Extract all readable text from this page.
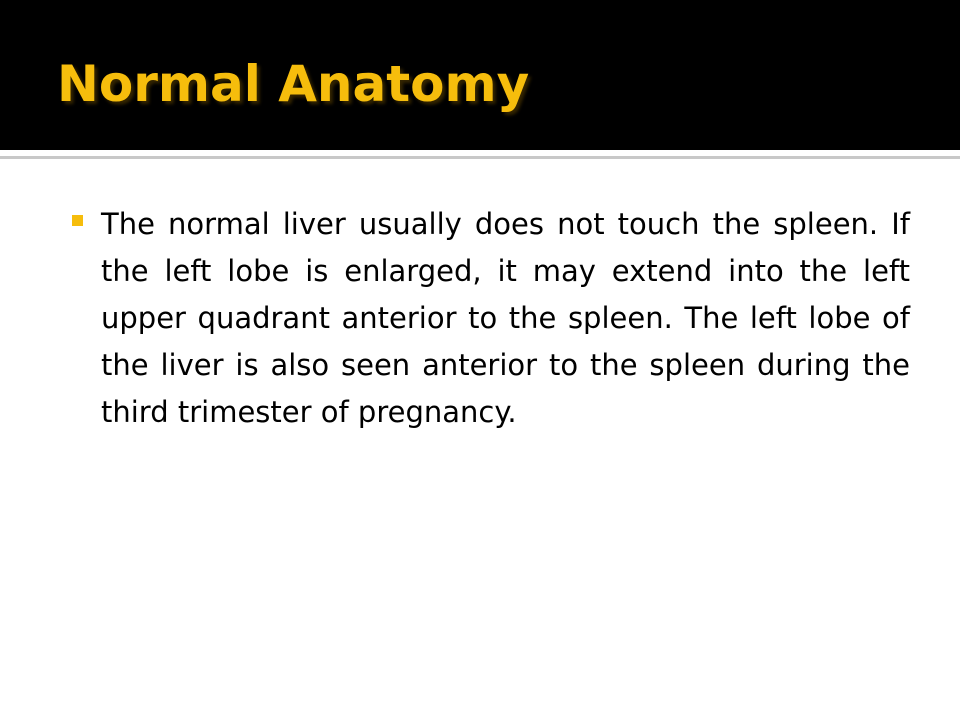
Normal Anatomy

The normal liver usually does not touch the spleen. If the left lobe is enlarged, it may extend into the left upper quadrant anterior to the spleen. The left lobe of the liver is also seen anterior to the spleen during the third trimester of pregnancy.
